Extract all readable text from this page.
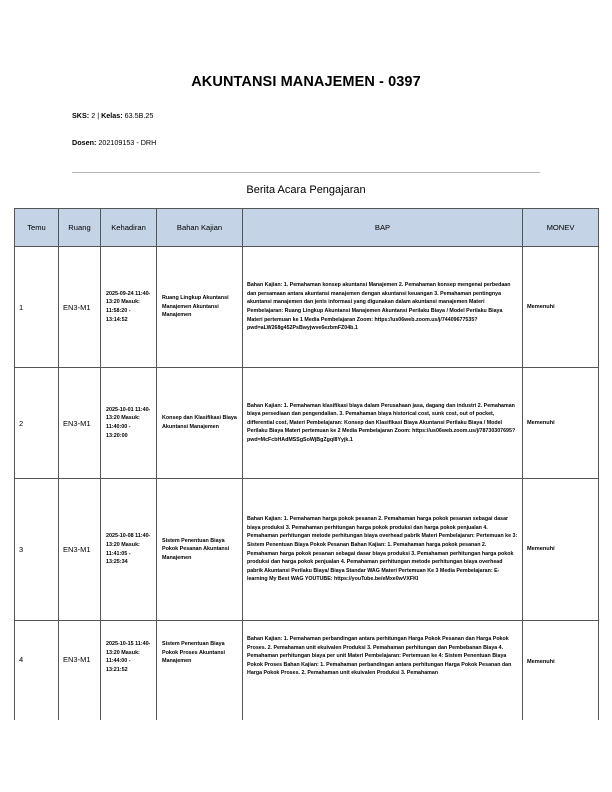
AKUNTANSI MANAJEMEN - 0397
SKS: 2 | Kelas: 63.5B.25
Dosen: 202109153 - DRH
Berita Acara Pengajaran
Temu	Ruang	Kehadiran	Bahan Kajian	BAP	MONEV
1	EN3-M1	2025-09-24 11:40-13:20 Masuk: 11:58:20 - 13:14:52	Ruang Lingkup Akuntansi Manajemen Akuntansi Manajemen	Bahan Kajian: 1. Pemahaman konsep akuntansi Manajemen 2. Pemahaman konsep mengenai perbedaan dan persamaan antara akuntansi manajemen dengan akuntansi keuangan 3. Pemahaman pentingnya akuntansi manajemen dan jenis informasi yang digunakan dalam akuntansi manajemen Materi Pembelajaran: Ruang Lingkup Akuntansi Manajemen Akuntansi Perilaku Biaya / Model Perilaku Biaya Materi pertemuan ke 1 Media Pembelajaran Zoom: https://us06web.zoom.us/j/74409677535?pwd=aLW268g452PsBwyjwve6ezbmFZ04b.1	Memenuhi
2	EN3-M1	2025-10-01 11:40-13:20 Masuk: 11:40:00 - 13:20:00	Konsep dan Klasifikasi Biaya Akuntansi Manajemen	Bahan Kajian: 1. Pemahaman klasifikasi biaya dalam Perusahaan jasa, dagang dan industri 2. Pemahaman biaya persediaan dan pengendalian. 3. Pemahaman biaya historical cost, sunk cost, out of pocket, differential cost, Materi Pembelajaran: Konsep dan Klasifikasi Biaya Akuntansi Perilaku Biaya / Model Perilaku Biaya Materi pertemuan ke 2 Media Pembelajaran Zoom: https://us06web.zoom.us/j/78730307695?pwd=McFcbHAdMSSgSoWjBgZgql8Yyjk.1	Memenuhi
3	EN3-M1	2025-10-08 11:40-13:20 Masuk: 11:41:05 - 13:25:34	Sistem Penentuan Biaya Pokok Pesanan Akuntansi Manajemen	Bahan Kajian: 1. Pemahaman harga pokok pesanan 2. Pemahaman harga pokok pesanan sebagai dasar biaya produksi 3. Pemahaman perhitungan harga pokok produksi dan harga pokok penjualan 4. Pemahaman perhitungan metode perhitungan biaya overhead pabrik Materi Pembelajaran: Pertemuan ke 3: Sistem Penentuan Biaya Pokok Pesanan Bahan Kajian: 1. Pemahaman harga pokok pesanan 2. Pemahaman harga pokok pesanan sebagai dasar biaya produksi 3. Pemahaman perhitungan harga pokok produksi dan harga pokok penjualan 4. Pemahaman perhitungan metode perhitungan biaya overhead pabrik Akuntansi Perilaku Biaya/ Biaya Standar WAG Materi Pertemuan Ke 3 Media Pembelajaran: E-learning My Best WAG YOUTUBE: https://youTube.be/eMxe0wVXFKI	Memenuhi
4	EN3-M1	2025-10-15 11:40-13:20 Masuk: 11:44:00 - 13:21:52	Sistem Penentuan Biaya Pokok Proses Akuntansi Manajemen	Bahan Kajian: 1. Pemahaman perbandingan antara perhitungan Harga Pokok Pesanan dan Harga Pokok Proses. 2. Pemahaman unit ekuivalen Produksi 3. Pemahaman perhitungan dan Pembebanan Biaya 4. Pemahaman perhitungan biaya per unit Materi Pembelajaran: Pertemuan ke 4: Sistem Penentuan Biaya Pokok Proses Bahan Kajian: 1. Pemahaman perbandingan antara perhitungan Harga Pokok Pesanan dan Harga Pokok Proses. 2. Pemahaman unit ekuivalen Produksi 3. Pemahaman	Memenuhi
